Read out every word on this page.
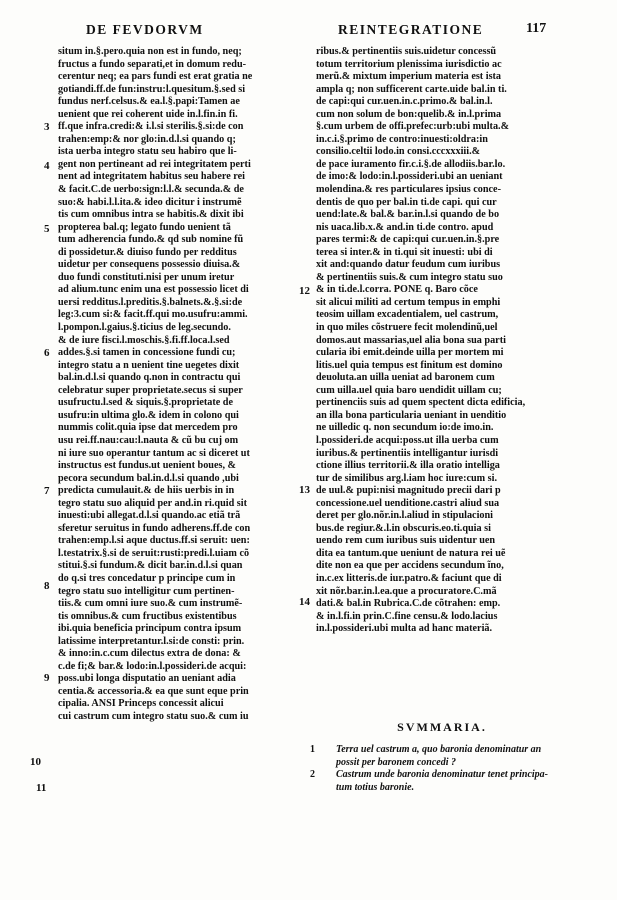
DE FEVDORVM	REINTEGRATIONE	117
situm in.§.pero.quia non est in fundo, neq;
fructus a fundo separati,et in domum redu-
cerentur neq; ea pars fundi est erat gratia ne
gotiandi.ff.de fun:instru:l.quesitum.§.sed si
fundus nerf.celsus.& ea.l.§.papi:Tamen ae
uenient que rei coherent uide in.l.fin.in fi.
ff.que infra.credi:& i.l.si sterilis.§.si:de con
trahen:emp:& nor glo:in.d.l.si quando q;
ista uerba integro statu seu habiro que li-
gent non pertineant ad rei integritatem perti
nent ad integritatem habitus seu habere rei
& facit.C.de uerbo:sign:l.l.& secunda.& de
suo:& habi.l.l.ita.& ideo dicitur i instrumẽ
tis cum omnibus intra se habitis.& dixit ibi
propterea bal.q; legato fundo uenient tã
tum adherencia fundo.& qd sub nomine fũ
di possidetur.& diuiso fundo per redditus
uidetur per consequens possessio diuisa.&
duo fundi constituti.nisi per unum iretur
ad alium.tunc enim una est possessio licet di
uersi redditus.l.preditis.§.balnets.&.§.si:de
leg:3.cum si:& facit.ff.qui mo.usufru:ammi.
l.pompon.l.gaius.§.ticius de leg.secundo.
& de iure fisci.l.moschis.§.fi.ff.loca.l.sed
addes.§.si tamen in concessione fundi cu;
integro statu a n uenient tine uegetes dixit
bal.in.d.l.si quando q.non in contractu qui
celebratur super proprietate.secus si super
usufructu.l.sed & siquis.§.proprietate de
usufru:in ultima glo.& idem in colono qui
nummis colit.quia ipse dat mercedem pro
usu rei.ff.nau:cau:l.nauta & cũ bu cuj om
ni iure suo operantur tantum ac si diceret ut
instructus est fundus.ut uenient boues, &
pecora secundum bal.in.d.l.si quando ,ubi
predicta cumulauit.& de hiis uerbis in in
tegro statu suo aliquid per and.in ri.quid sit
inuesti:ubi allegat.d.l.si quando.ac etiã trã
sferetur seruitus in fundo adherens.ff.de con
trahen:emp.l.si aque ductus.ff.si seruit: uen:
l.testatrix.§.si de seruit:rusti:predi.l.uiam cõ
stitui.§.si fundum.& dicit bar.in.d.l.si quan
do q.si tres concedatur p principe cum in
tegro statu suo intelligitur cum pertinen-
tiis.& cum omni iure suo.& cum instrumẽ-
tis omnibus.& cum fructibus existentibus
ibi.quia beneficia principum contra ipsum
latissime interpretantur.l.si:de consti: prin.
& inno:in.c.cum dilectus extra de dona: &
c.de fi;& bar.& lodo:in.l.possideri.de acqui:
poss.ubi longa disputatio an ueniant adia
centia.& accessoria.& ea que sunt eque prin
cipalia. ANSI Princeps concessit alicui
cui castrum cum integro statu suo.& cum iu
ribus.& pertinentiis suis.uidetur concessũ
totum territorium plenissima iurisdictio ac
merũ.& mixtum imperium materia est ista
ampla q; non sufficerent carte.uide bal.in ti.
de capi:qui cur.uen.in.c.primo.& bal.in.l.
cum non solum de bon:quelib.& in.l.prima
§.cum urbem de offi.prefec:urb:ubi multa.&
in.c.i.§.primo de contro:inuesti:oldra:in
consilio.celtii lodo.in consi.cccxxxiii.&
de pace iuramento fir.c.i.§.de allodiis.bar.lo.
de imo:& lodo:in.l.possideri.ubi an ueniant
molendina.& res particulares ipsius conce-
dentis de quo per bal.in ti.de capi. qui cur
uend:late.& bal.& bar.in.l.si quando de bo
nis uaca.lib.x.& and.in ti.de contro. apud
pares termi:& de capi:qui cur.uen.in.§.pre
terea si inter.& in ti.qui sit inuesti: ubi di
xit and:quando datur feudum cum iuribus
& pertinentiis suis.& cum integro statu suo
& in ti.de.l.corra. PONE q. Baro cõce
sit alicui militi ad certum tempus in emphi
teosim uillam excadentialem, uel castrum,
in quo miles cõstruere fecit molendinũ,uel
domos.aut massarias,uel alia bona sua parti
cularia ibi emit.deinde uilla per mortem mi
litis.uel quia tempus est finitum est domino
deuoluta.an uilla ueniat ad baronem cum
cum uilla.uel quia baro uendidit uillam cu;
pertinenciis suis ad quem spectent dicta edificia,
an illa bona particularia ueniant in uenditio
ne uilledic q. non secundum io:de imo.in.
l.possideri.de acqui:poss.ut illa uerba cum
iuribus.& pertinentiis intelligantur iurisdi
ctione illius territorii.& illa oratio intelliga
tur de similibus arg.l.iam hoc iure:cum si.
de uul.& pupi:nisi magnitudo precii dari p
concessione.uel uenditione.castri aliud sua
deret per glo.nõr.in.l.aliud in stipulacioni
bus.de regiur.&.l.in obscuris.eo.ti.quia si
uendo rem cum iuribus suis uidentur uen
dita ea tantum.que ueniunt de natura rei uẽ
dite non ea que per accidens secundum ĩno,
in.c.ex litteris.de iur.patro.& faciunt que di
xit nõr.bar.in.l.ea.que a procuratore.C.mã
dati.& bal.in Rubrica.C.de cõtrahen: emp.
& in.l.fi.in prin.C.fine censu.& lodo.lacius
in.l.possideri.ubi multa ad hanc materiã.
3
4
5
6
7
8
9
10
11
12
13
14
SVMMARIA.
1 Terra uel castrum a, quo baronia denominatur an
possit per baronem concedi ?
2 Castrum unde baronia denominatur tenet principa-
tum totius baronie.
